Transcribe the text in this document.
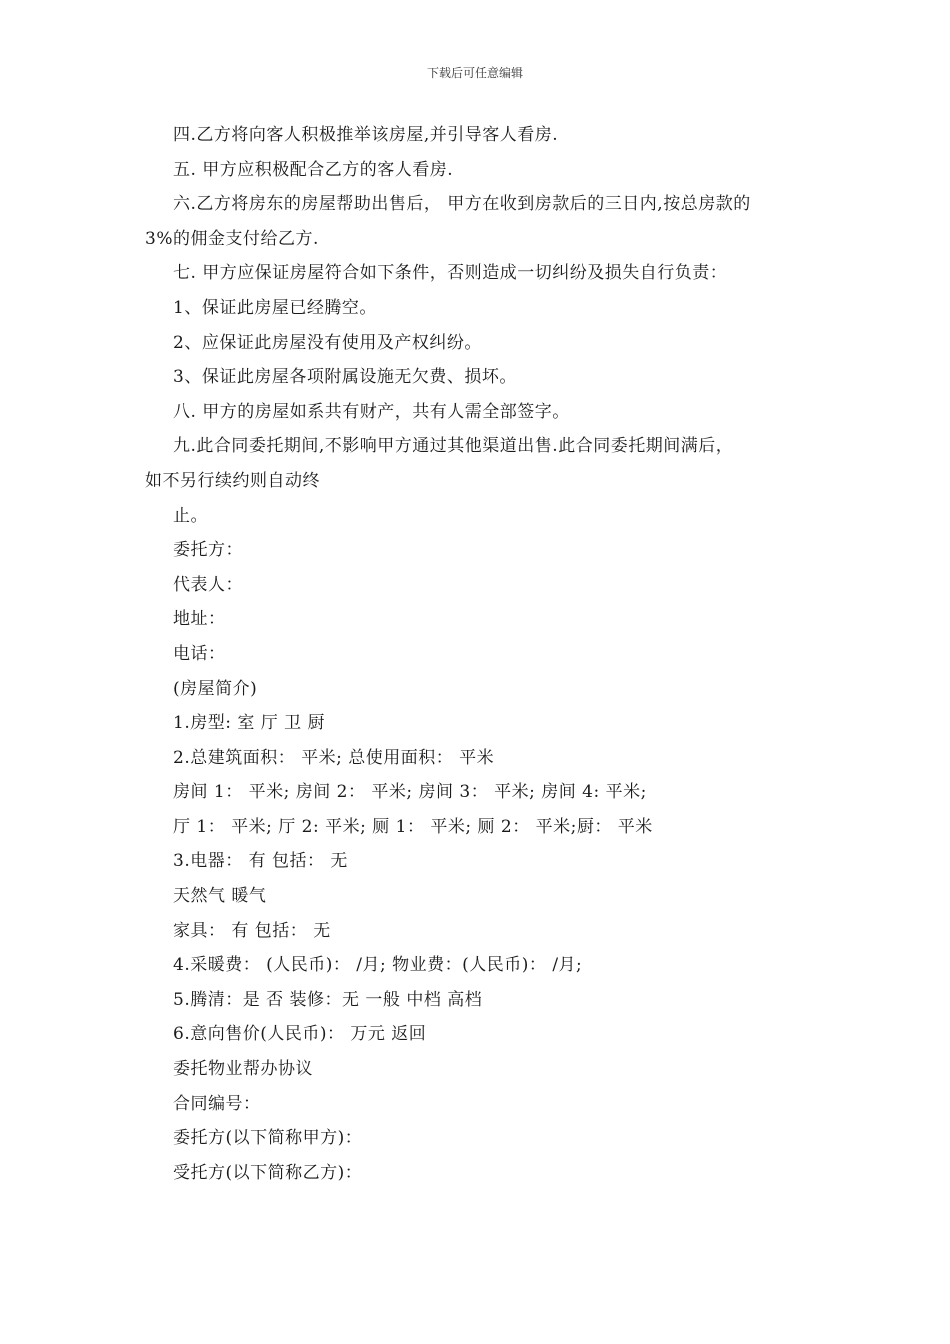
下载后可任意编辑
四.乙方将向客人积极推举该房屋,并引导客人看房.
五. 甲方应积极配合乙方的客人看房.
六.乙方将房东的房屋帮助出售后， 甲方在收到房款后的三日内,按总房款的
3%的佣金支付给乙方.
七. 甲方应保证房屋符合如下条件，否则造成一切纠纷及损失自行负责：
1、保证此房屋已经腾空。
2、应保证此房屋没有使用及产权纠纷。
3、保证此房屋各项附属设施无欠费、损坏。
八. 甲方的房屋如系共有财产，共有人需全部签字。
九.此合同委托期间,不影响甲方通过其他渠道出售.此合同委托期间满后，
如不另行续约则自动终
止。
委托方：
代表人：
地址：
电话：
(房屋简介)
1.房型: 室 厅 卫 厨
2.总建筑面积： 平米; 总使用面积： 平米
房间 1： 平米; 房间 2： 平米; 房间 3： 平米; 房间 4: 平米;
厅 1： 平米; 厅 2: 平米; 厕 1： 平米; 厕 2： 平米;厨： 平米
3.电器： 有 包括： 无
天然气 暖气
家具： 有 包括： 无
4.采暖费： (人民币)： /月; 物业费：(人民币)： /月;
5.腾清：是 否 装修：无 一般 中档 高档
6.意向售价(人民币)： 万元 返回
委托物业帮办协议
合同编号：
委托方(以下简称甲方)：
受托方(以下简称乙方)：
